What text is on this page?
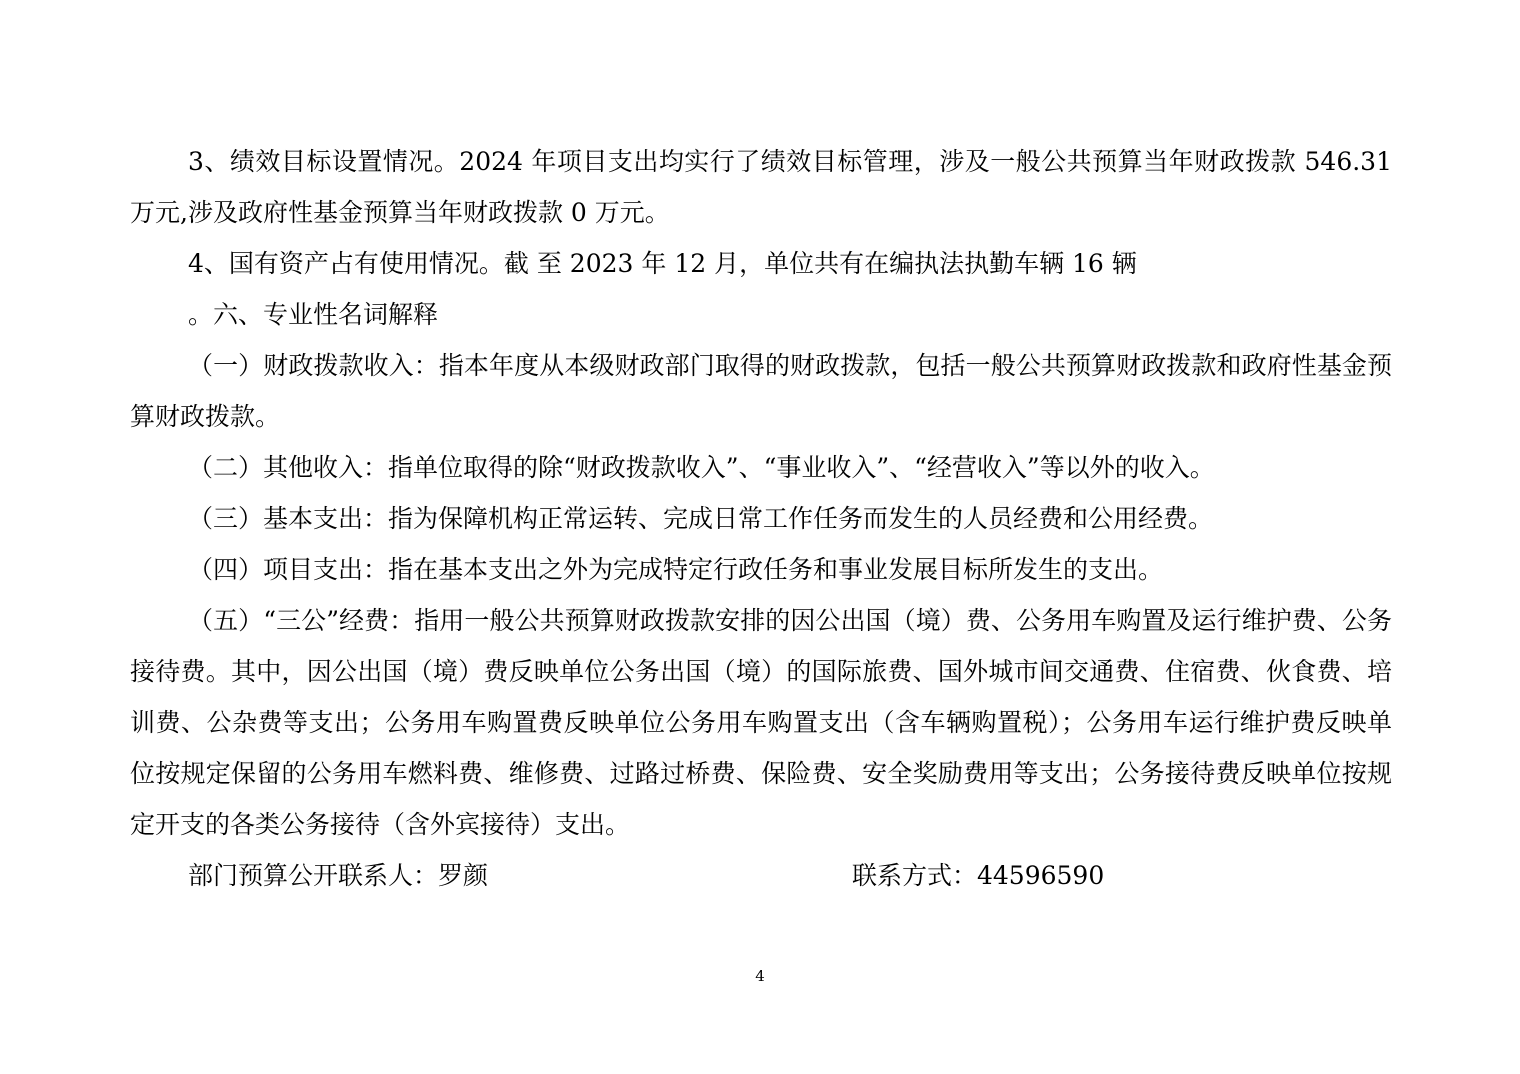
3、绩效目标设置情况。2024 年项目支出均实行了绩效目标管理，涉及一般公共预算当年财政拨款 546.31 万元,涉及政府性基金预算当年财政拨款 0 万元。

4、国有资产占有使用情况。截 至 2023 年 12 月，单位共有在编执法执勤车辆 16 辆

。六、专业性名词解释

（一）财政拨款收入：指本年度从本级财政部门取得的财政拨款，包括一般公共预算财政拨款和政府性基金预算财政拨款。

（二）其他收入：指单位取得的除“财政拨款收入”、“事业收入”、“经营收入”等以外的收入。

（三）基本支出：指为保障机构正常运转、完成日常工作任务而发生的人员经费和公用经费。

（四）项目支出：指在基本支出之外为完成特定行政任务和事业发展目标所发生的支出。

（五）“三公”经费：指用一般公共预算财政拨款安排的因公出国（境）费、公务用车购置及运行维护费、公务接待费。其中，因公出国（境）费反映单位公务出国（境）的国际旅费、国外城市间交通费、住宿费、伙食费、培训费、公杂费等支出；公务用车购置费反映单位公务用车购置支出（含车辆购置税）；公务用车运行维护费反映单位按规定保留的公务用车燃料费、维修费、过路过桥费、保险费、安全奖励费用等支出；公务接待费反映单位按规定开支的各类公务接待（含外宾接待）支出。

部门预算公开联系人：罗颜	联系方式：44596590
4
